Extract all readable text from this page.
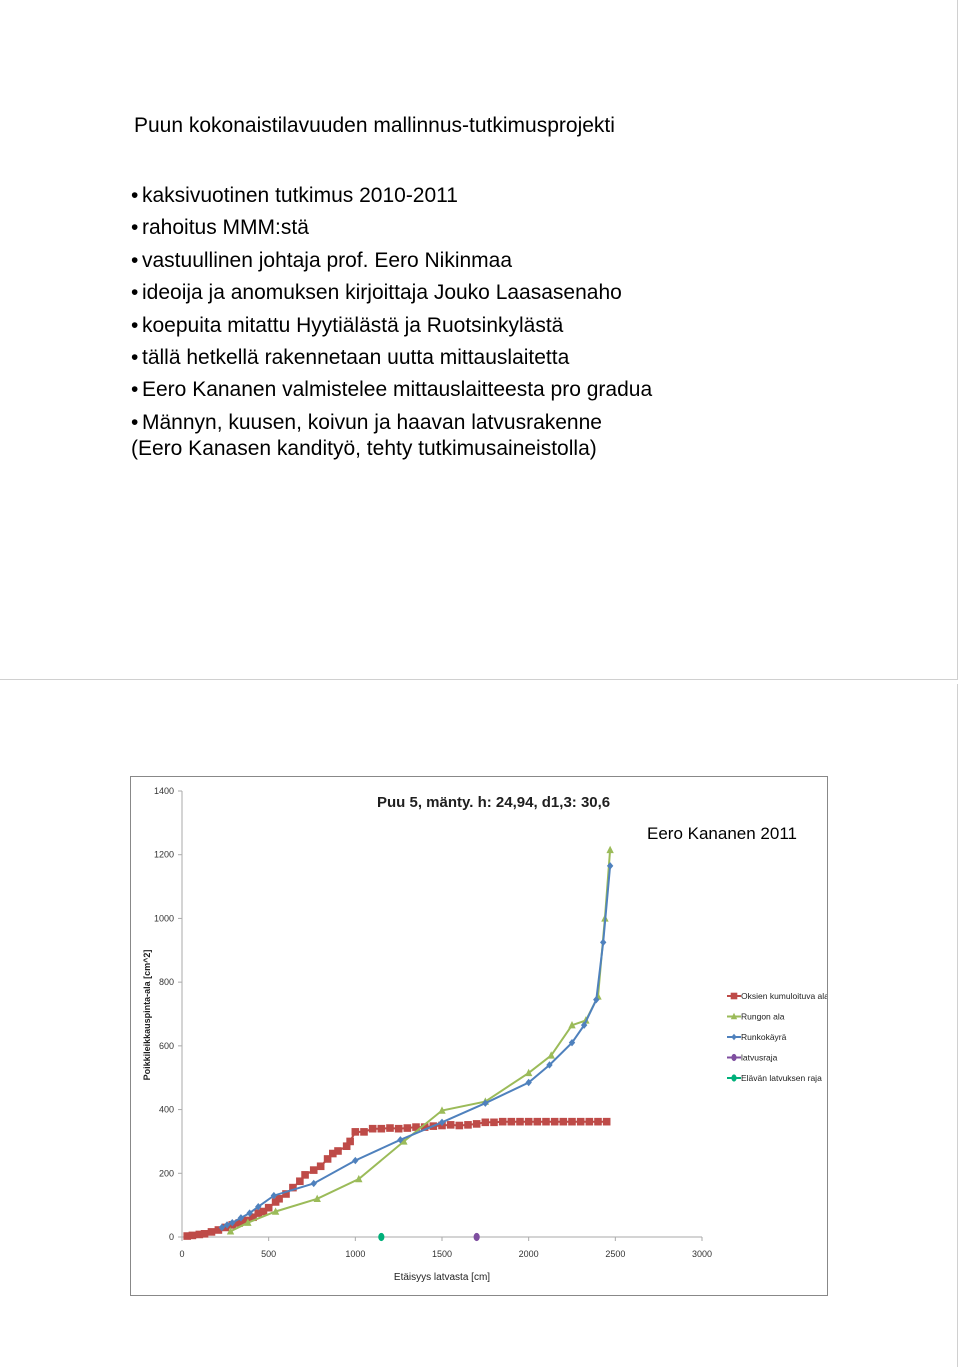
Puun kokonaistilavuuden mallinnus-tutkimusprojekti
• kaksivuotinen tutkimus 2010-2011
• rahoitus MMM:stä
• vastuullinen johtaja prof. Eero Nikinmaa
• ideoija ja anomuksen kirjoittaja Jouko Laasasenaho
• koepuita mitattu Hyytiälästä ja Ruotsinkylästä
• tällä hetkellä rakennetaan uutta mittauslaitetta
• Eero Kananen valmistelee mittauslaitteesta pro gradua
• Männyn, kuusen, koivun ja haavan latvusrakenne
(Eero Kanasen kandityö, tehty tutkimusaineistolla)
0
200
400
600
800
1000
1200
1400
0	500	1000	1500	2000	2500	3000
Puu 5, mänty. h: 24,94, d1,3: 30,6
Eero Kananen 2011
Poikkileikkauspinta-ala [cm^2]
Etäisyys latvasta [cm]
Oksien kumuloituva ala
Rungon ala
Runkokäyrä
latvusraja
Elävän latvuksen raja
